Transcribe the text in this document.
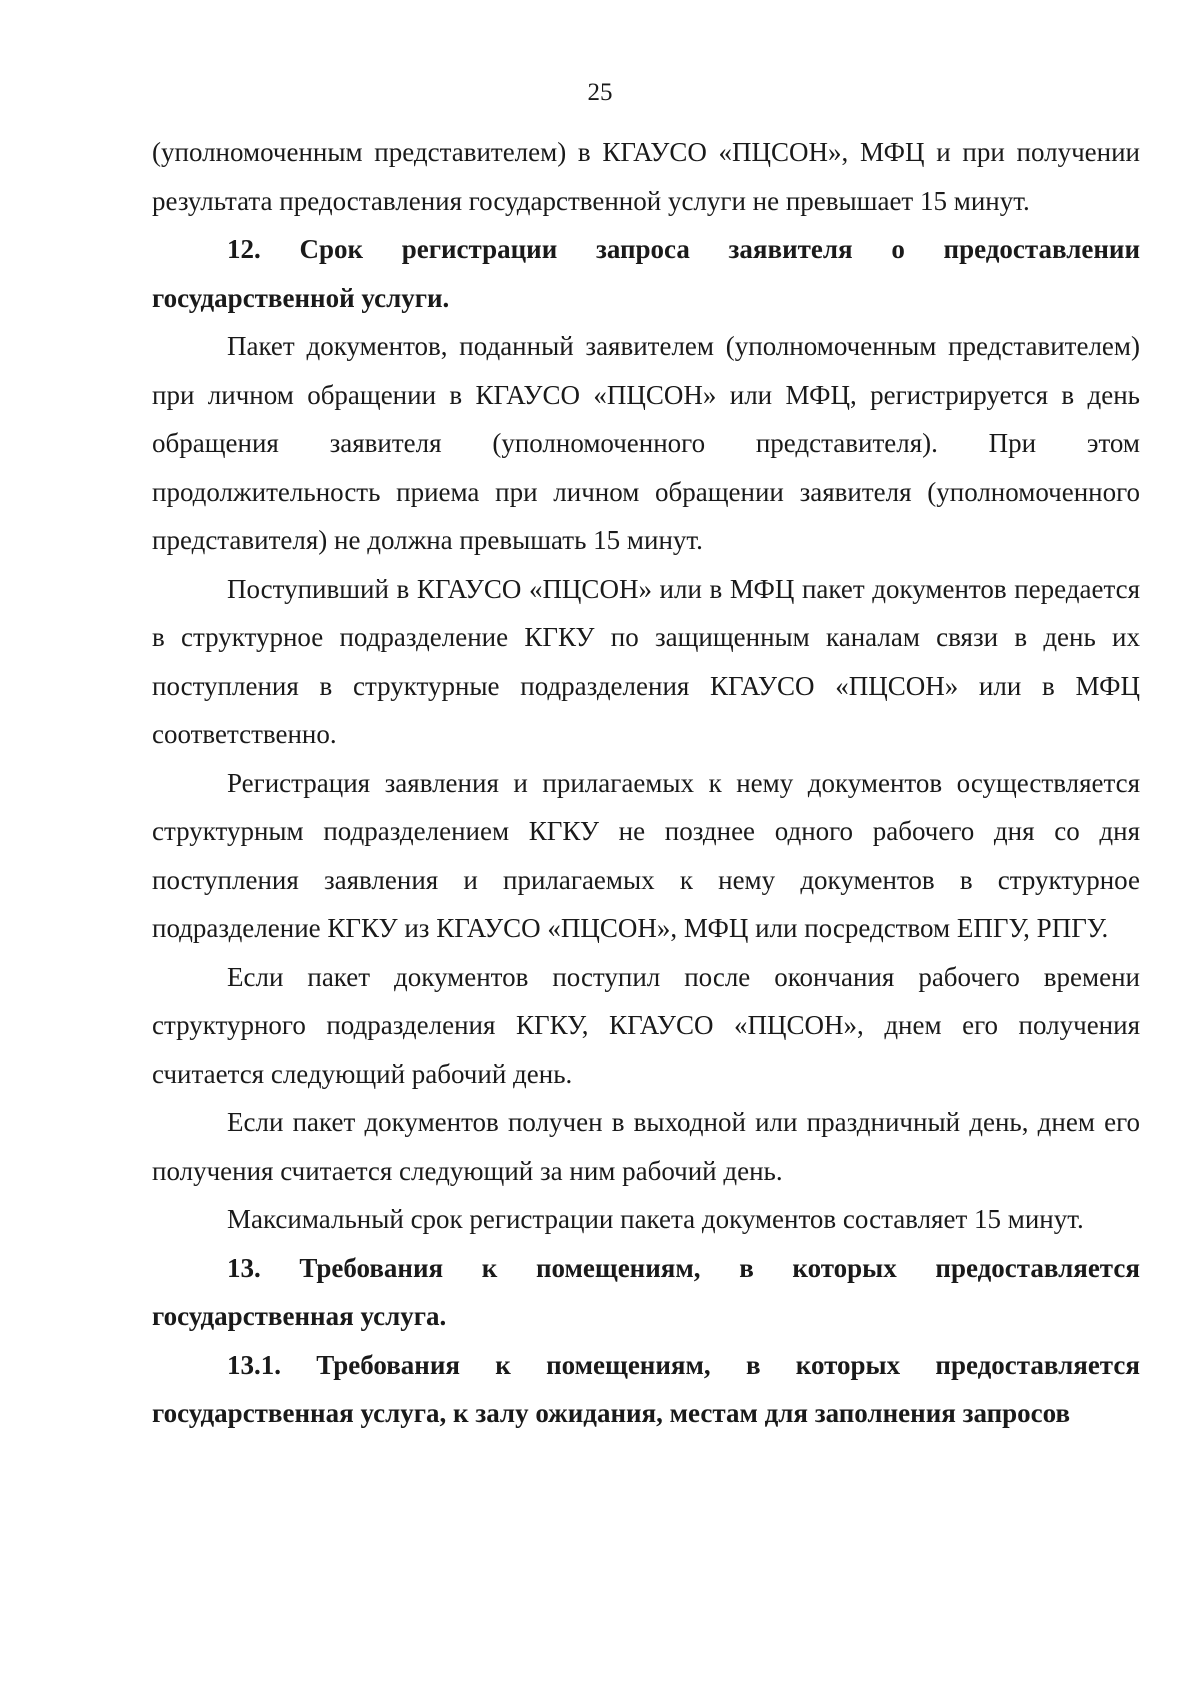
25

(уполномоченным представителем) в КГАУСО «ПЦСОН», МФЦ и при получении результата предоставления государственной услуги не превышает 15 минут.

12. Срок регистрации запроса заявителя о предоставлении государственной услуги.

Пакет документов, поданный заявителем (уполномоченным представителем) при личном обращении в КГАУСО «ПЦСОН» или МФЦ, регистрируется в день обращения заявителя (уполномоченного представителя). При этом продолжительность приема при личном обращении заявителя (уполномоченного представителя) не должна превышать 15 минут.

Поступивший в КГАУСО «ПЦСОН» или в МФЦ пакет документов передается в структурное подразделение КГКУ по защищенным каналам связи в день их поступления в структурные подразделения КГАУСО «ПЦСОН» или в МФЦ соответственно.

Регистрация заявления и прилагаемых к нему документов осуществляется структурным подразделением КГКУ не позднее одного рабочего дня со дня поступления заявления и прилагаемых к нему документов в структурное подразделение КГКУ из КГАУСО «ПЦСОН», МФЦ или посредством ЕПГУ, РПГУ.

Если пакет документов поступил после окончания рабочего времени структурного подразделения КГКУ, КГАУСО «ПЦСОН», днем его получения считается следующий рабочий день.

Если пакет документов получен в выходной или праздничный день, днем его получения считается следующий за ним рабочий день.

Максимальный срок регистрации пакета документов составляет 15 минут.

13. Требования к помещениям, в которых предоставляется государственная услуга.

13.1. Требования к помещениям, в которых предоставляется государственная услуга, к залу ожидания, местам для заполнения запросов
